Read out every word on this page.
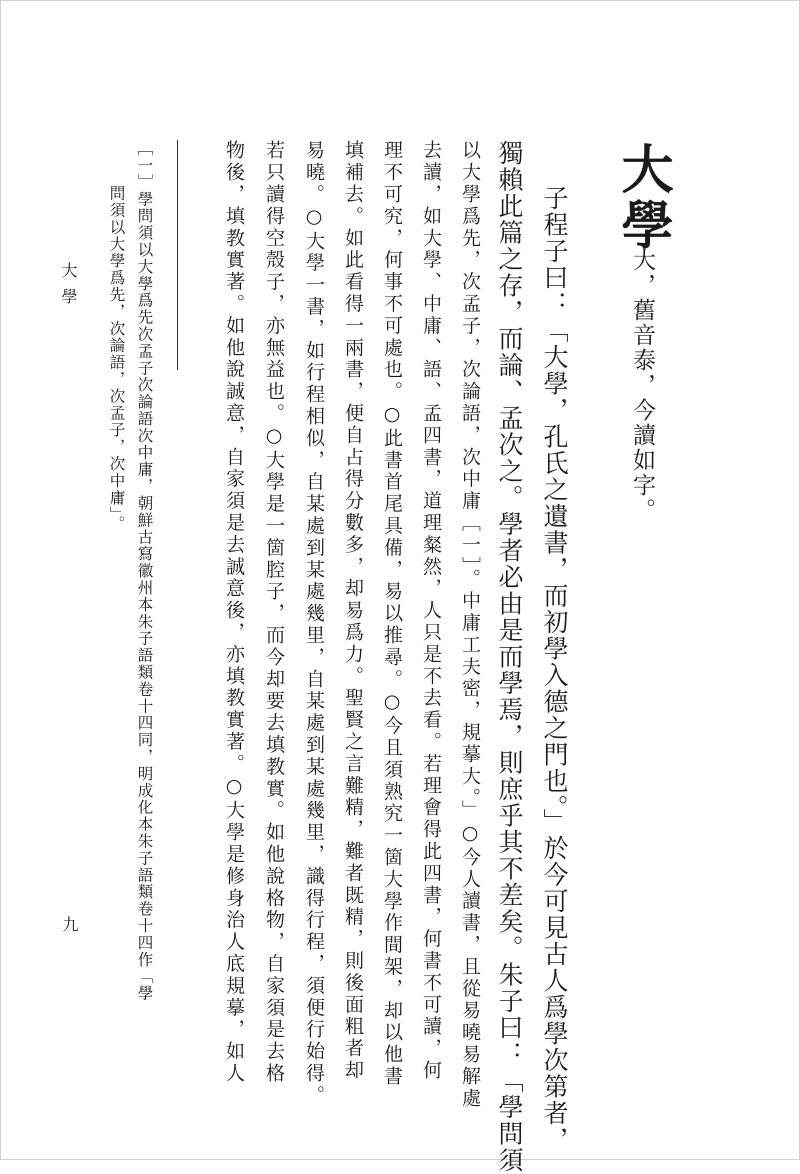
大學
大，舊音泰，今讀如字。
子程子曰：「大學，孔氏之遺書，而初學入德之門也。」於今可見古人爲學次第者，
獨賴此篇之存，而論、孟次之。學者必由是而學焉，則庶乎其不差矣。朱子曰：「學問須
以大學爲先，次孟子，次論語，次中庸［一］。中庸工夫密，規摹大。」○今人讀書，且從易曉易解處
去讀，如大學、中庸、語、孟四書，道理粲然，人只是不去看。若理會得此四書，何書不可讀，何
理不可究，何事不可處也。○此書首尾具備，易以推尋。○今且須熟究一箇大學作間架，却以他書
填補去。如此看得一兩書，便自占得分數多，却易爲力。聖賢之言難精，難者既精，則後面粗者却
易曉。○大學一書，如行程相似，自某處到某處幾里，自某處到某處幾里，識得行程，須便行始得。
若只讀得空殼子，亦無益也。○大學是一箇腔子，而今却要去填教實。如他說格物，自家須是去格
物後，填教實著。如他說誠意，自家須是去誠意後，亦填教實著。○大學是修身治人底規摹，如人
［一］學問須以大學爲先次孟子次論語次中庸，朝鮮古寫徽州本朱子語類卷十四同，明成化本朱子語類卷十四作「學
問須以大學爲先，次論語，次孟子，次中庸」。
大學
九
